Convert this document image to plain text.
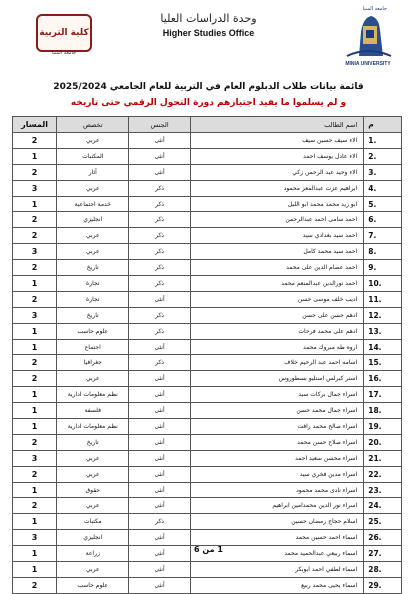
كلية التربية
جامعة المنيا
وحدة الدراسات العليا
Higher Studies Office
جامعة المنيا
MINIA UNIVERSITY
قائمة بيانات طلاب الدبلوم العام في التربية للعام الجامعي 2025/2024
و لم يسلموا ما يفيد اجتيازهم دورة التحول الرقمي حتى تاريخه
المسار	تخصص	الجنس	اسم الطالب	م
2	عربي	أنثى	الاء سيف حسين سيف	1.
1	المكتبات	أنثى	الاء عادل يوسف احمد	2.
2	آثار	أنثى	الاء وحيد عبد الرحمن زكي	3.
3	عربي	ذكر	ابراهيم عزت عبدالمعز محمود	4.
1	خدمة اجتماعية	ذكر	ابو زيد محمد محمد ابو الليل	5.
2	انجليزي	ذكر	احمد سامى احمد عبدالرحمن	6.
2	عربي	ذكر	احمد سيد بغدادي سيد	7.
3	عربي	ذكر	احمد سيد محمد كامل	8.
2	تاريخ	ذكر	احمد عصام الدين على محمد	9.
1	تجارة	ذكر	احمد نورالدين عبدالمنعم محمد	10.
2	تجارة	أنثى	اديب خلف موسى حسن	11.
3	تاريخ	ذكر	ادهم حسن على حسن	12.
1	علوم حاسب	ذكر	ادهم على محمد فرحات	13.
1	اجتماع	أنثى	اروه طه مبروك محمد	14.
2	جغرافيا	ذكر	اسامه احمد عبد الرحيم خلاف	15.
2	عربي	أنثى	استر كيرلس استليو بسطوروس	16.
1	نظم معلومات ادارية	أنثى	اسراء جمال بركات سيد	17.
1	فلسفة	أنثى	اسراء جمال محمد حسن	18.
1	نظم معلومات ادارية	أنثى	اسراء صالح محمد رافت	19.
2	تاريخ	أنثى	اسراء صلاح حسن محمد	20.
3	عربي	أنثى	اسراء محسن سعيد احمد	21.
2	عربي	أنثى	اسراء مدين فخري سيد	22.
1	حقوق	أنثى	اسراء نادى محمد محمود	23.
2	عربي	أنثى	اسراء نور الدين محمدامين ابراهيم	24.
1	مكتبات	ذكر	اسلام حجاج رمضان حسين	25.
3	انجليزي	أنثى	اسماء احمد حسين محمد	26.
1	زراعة	أنثى	اسماء ربيعي عبدالحميد محمد	27.
1	عربي	أنثى	اسماء لطفي احمد ابوبكر	28.
2	علوم حاسب	أنثى	اسماء يحيى محمد ربيع	29.
1 من 6
